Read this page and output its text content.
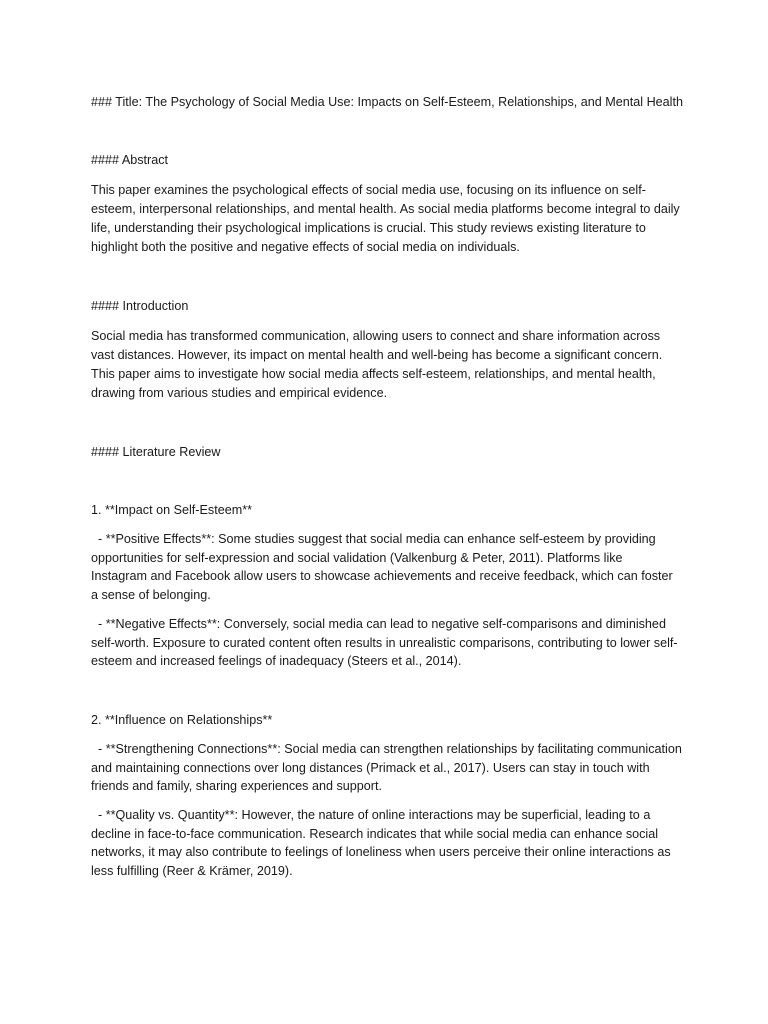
### Title: The Psychology of Social Media Use: Impacts on Self-Esteem, Relationships, and Mental Health

#### Abstract

This paper examines the psychological effects of social media use, focusing on its influence on self-esteem, interpersonal relationships, and mental health. As social media platforms become integral to daily life, understanding their psychological implications is crucial. This study reviews existing literature to highlight both the positive and negative effects of social media on individuals.

#### Introduction

Social media has transformed communication, allowing users to connect and share information across vast distances. However, its impact on mental health and well-being has become a significant concern. This paper aims to investigate how social media affects self-esteem, relationships, and mental health, drawing from various studies and empirical evidence.

#### Literature Review

1. **Impact on Self-Esteem**

- **Positive Effects**: Some studies suggest that social media can enhance self-esteem by providing opportunities for self-expression and social validation (Valkenburg & Peter, 2011). Platforms like Instagram and Facebook allow users to showcase achievements and receive feedback, which can foster a sense of belonging.

- **Negative Effects**: Conversely, social media can lead to negative self-comparisons and diminished self-worth. Exposure to curated content often results in unrealistic comparisons, contributing to lower self-esteem and increased feelings of inadequacy (Steers et al., 2014).

2. **Influence on Relationships**

- **Strengthening Connections**: Social media can strengthen relationships by facilitating communication and maintaining connections over long distances (Primack et al., 2017). Users can stay in touch with friends and family, sharing experiences and support.

- **Quality vs. Quantity**: However, the nature of online interactions may be superficial, leading to a decline in face-to-face communication. Research indicates that while social media can enhance social networks, it may also contribute to feelings of loneliness when users perceive their online interactions as less fulfilling (Reer & Krämer, 2019).
